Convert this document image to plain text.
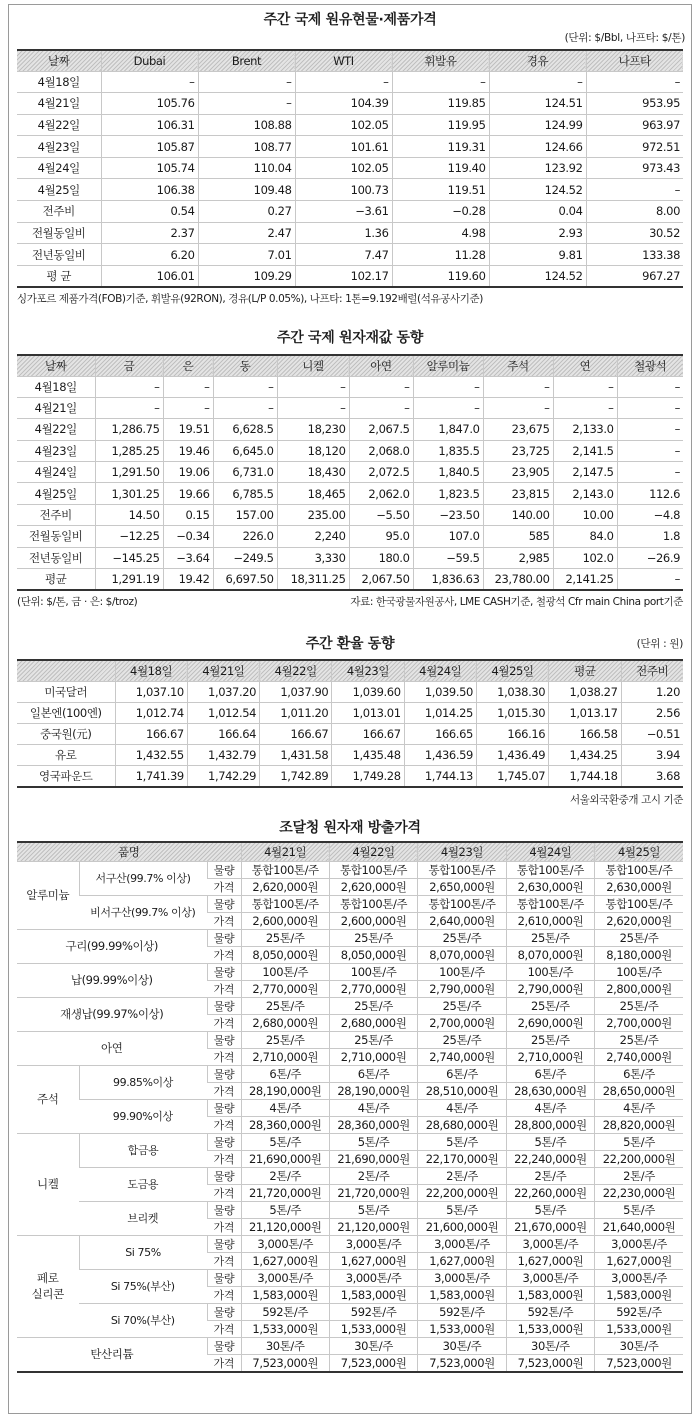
주간 국제 원유현물·제품가격
(단위: $/Bbl, 나프타: $/톤)
날짜	Dubai	Brent	WTI	휘발유	경유	나프타
4월18일	–	–	–	–	–	–
4월21일	105.76	–	104.39	119.85	124.51	953.95
4월22일	106.31	108.88	102.05	119.95	124.99	963.97
4월23일	105.87	108.77	101.61	119.31	124.66	972.51
4월24일	105.74	110.04	102.05	119.40	123.92	973.43
4월25일	106.38	109.48	100.73	119.51	124.52	–
전주비	0.54	0.27	−3.61	−0.28	0.04	8.00
전월동일비	2.37	2.47	1.36	4.98	2.93	30.52
전년동일비	6.20	7.01	7.47	11.28	9.81	133.38
평 균	106.01	109.29	102.17	119.60	124.52	967.27
싱가포르 제품가격(FOB)기준, 휘발유(92RON), 경유(L/P 0.05%), 나프타: 1톤=9.192배럴(석유공사기준)
주간 국제 원자재값 동향
날짜	금	은	동	니켈	아연	알루미늄	주석	연	철광석
4월18일	–	–	–	–	–	–	–	–	–
4월21일	–	–	–	–	–	–	–	–	–
4월22일	1,286.75	19.51	6,628.5	18,230	2,067.5	1,847.0	23,675	2,133.0	–
4월23일	1,285.25	19.46	6,645.0	18,120	2,068.0	1,835.5	23,725	2,141.5	–
4월24일	1,291.50	19.06	6,731.0	18,430	2,072.5	1,840.5	23,905	2,147.5	–
4월25일	1,301.25	19.66	6,785.5	18,465	2,062.0	1,823.5	23,815	2,143.0	112.6
전주비	14.50	0.15	157.00	235.00	−5.50	−23.50	140.00	10.00	−4.8
전월동일비	−12.25	−0.34	226.0	2,240	95.0	107.0	585	84.0	1.8
전년동일비	−145.25	−3.64	−249.5	3,330	180.0	−59.5	2,985	102.0	−26.9
평균	1,291.19	19.42	6,697.50	18,311.25	2,067.50	1,836.63	23,780.00	2,141.25	–
(단위: $/톤, 금 · 은: $/troz)	자료: 한국광물자원공사, LME CASH기준, 철광석 Cfr main China port기준
주간 환율 동향	(단위 : 원)
	4월18일	4월21일	4월22일	4월23일	4월24일	4월25일	평균	전주비
미국달러	1,037.10	1,037.20	1,037.90	1,039.60	1,039.50	1,038.30	1,038.27	1.20
일본엔(100엔)	1,012.74	1,012.54	1,011.20	1,013.01	1,014.25	1,015.30	1,013.17	2.56
중국원(元)	166.67	166.64	166.67	166.67	166.65	166.16	166.58	−0.51
유로	1,432.55	1,432.79	1,431.58	1,435.48	1,436.59	1,436.49	1,434.25	3.94
영국파운드	1,741.39	1,742.29	1,742.89	1,749.28	1,744.13	1,745.07	1,744.18	3.68
서울외국환중개 고시 기준
조달청 원자재 방출가격
품명			4월21일	4월22일	4월23일	4월24일	4월25일
알루미늄	서구산(99.7% 이상)	물량	통합100톤/주	통합100톤/주	통합100톤/주	통합100톤/주	통합100톤/주
		가격	2,620,000원	2,620,000원	2,650,000원	2,630,000원	2,630,000원
	비서구산(99.7% 이상)	물량	통합100톤/주	통합100톤/주	통합100톤/주	통합100톤/주	통합100톤/주
		가격	2,600,000원	2,600,000원	2,640,000원	2,610,000원	2,620,000원
구리(99.99%이상)		물량	25톤/주	25톤/주	25톤/주	25톤/주	25톤/주
		가격	8,050,000원	8,050,000원	8,070,000원	8,070,000원	8,180,000원
납(99.99%이상)		물량	100톤/주	100톤/주	100톤/주	100톤/주	100톤/주
		가격	2,770,000원	2,770,000원	2,790,000원	2,790,000원	2,800,000원
재생납(99.97%이상)		물량	25톤/주	25톤/주	25톤/주	25톤/주	25톤/주
		가격	2,680,000원	2,680,000원	2,700,000원	2,690,000원	2,700,000원
아연		물량	25톤/주	25톤/주	25톤/주	25톤/주	25톤/주
		가격	2,710,000원	2,710,000원	2,740,000원	2,710,000원	2,740,000원
주석	99.85%이상	물량	6톤/주	6톤/주	6톤/주	6톤/주	6톤/주
		가격	28,190,000원	28,190,000원	28,510,000원	28,630,000원	28,650,000원
	99.90%이상	물량	4톤/주	4톤/주	4톤/주	4톤/주	4톤/주
		가격	28,360,000원	28,360,000원	28,680,000원	28,800,000원	28,820,000원
니켈	합금용	물량	5톤/주	5톤/주	5톤/주	5톤/주	5톤/주
		가격	21,690,000원	21,690,000원	22,170,000원	22,240,000원	22,200,000원
	도금용	물량	2톤/주	2톤/주	2톤/주	2톤/주	2톤/주
		가격	21,720,000원	21,720,000원	22,200,000원	22,260,000원	22,230,000원
	브리켓	물량	5톤/주	5톤/주	5톤/주	5톤/주	5톤/주
		가격	21,120,000원	21,120,000원	21,600,000원	21,670,000원	21,640,000원
페로
실리콘	Si 75%	물량	3,000톤/주	3,000톤/주	3,000톤/주	3,000톤/주	3,000톤/주
		가격	1,627,000원	1,627,000원	1,627,000원	1,627,000원	1,627,000원
	Si 75%(부산)	물량	3,000톤/주	3,000톤/주	3,000톤/주	3,000톤/주	3,000톤/주
		가격	1,583,000원	1,583,000원	1,583,000원	1,583,000원	1,583,000원
	Si 70%(부산)	물량	592톤/주	592톤/주	592톤/주	592톤/주	592톤/주
		가격	1,533,000원	1,533,000원	1,533,000원	1,533,000원	1,533,000원
탄산리튬		물량	30톤/주	30톤/주	30톤/주	30톤/주	30톤/주
		가격	7,523,000원	7,523,000원	7,523,000원	7,523,000원	7,523,000원
